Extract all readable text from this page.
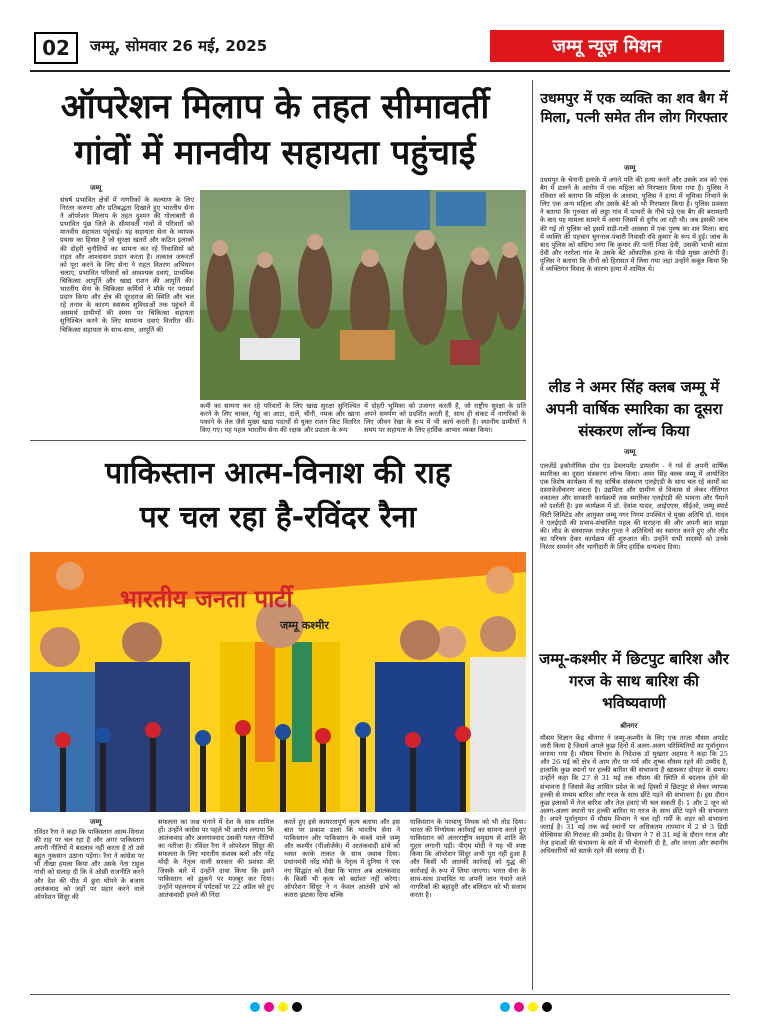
02	जम्मू, सोमवार 26 मई, 2025	जम्मू न्यूज़ मिशन
ऑपरेशन मिलाप के तहत सीमावर्ती
गांवों में मानवीय सहायता पहुंचाई
जम्मू
संघर्ष प्रभावित क्षेत्रों में नागरिकों के कल्याण के लिए निरंतर करुणा और प्रतिबद्धता दिखाते हुए भारतीय सेना ने ऑपरेशन मिलाप के तहत दुश्मन की गोलाबारी से प्रभावित पुंछ जिले के सीमावर्ती गांवों में परिवारों को मानवीय सहायता पहुंचाई। यह सहायता सेना के व्यापक प्रयास का हिस्सा है जो सुरक्षा खतरों और कठिन इलाकों की दोहरी चुनौतियों का सामना कर रहे निवासियों को राहत और आश्वासन प्रदान करता है। तत्काल जरूरतों को पूरा करने के लिए सेना ने राहत वितरण अभियान चलाए, प्रभावित परिवारों को आवश्यक दवाएं, प्राथमिक चिकित्सा आपूर्ति और खाद्य राशन की आपूर्ति की। भारतीय सेना के चिकित्सा कर्मियों ने मौके पर परामर्श प्रदान किया और क्षेत्र की दूरदराज की स्थिति और चल रहे तनाव के कारण स्वास्थ्य सुविधाओं तक पहुंचने में असमर्थ ग्रामीणों की समय पर चिकित्सा सहायता सुनिश्चित करने के लिए सामान्य दवाएं वितरित कीं। चिकित्सा सहायता के साथ-साथ, आपूर्ति की
कमी का सामना कर रहे परिवारों के लिए खाद्य सुरक्षा सुनिश्चित करने के लिए चावल, गेहूं का आटा, दालें, चीनी, नमक और खाना पकाने के तेल जैसे मुख्य खाद्य पदार्थों से युक्त राशन किट वितरित किए गए। यह पहल भारतीय सेना की रक्षक और प्रदाता के रूप
में दोहरी भूमिका को उजागर करती है, जो राष्ट्रीय सुरक्षा के प्रति अपने समर्पण को प्रदर्शित करती है, साथ ही संकट में नागरिकों के लिए जीवन रेखा के रूप में भी कार्य करती है। स्थानीय ग्रामीणों ने समय पर सहायता के लिए हार्दिक आभार व्यक्त किया।
पाकिस्तान आत्म-विनाश की राह
पर चल रहा है-रविंदर रैना
भारतीय जनता पार्टी
जम्मू कश्मीर
जम्मू
रविंदर रैना ने कहा कि पाकिस्तान आत्म-विनाश की राह पर चल रहा है और अगर पाकिस्तान अपनी नीतियों में बदलाव नहीं करता है तो उसे बहुत नुकसान उठाना पड़ेगा। रैना ने कांग्रेस पर भी तीखा हमला किया और उसके नेता राहुल गांधी को सलाह दी कि वे ओछी राजनीति करने और देश की पीठ में छुरा घोंपने के बजाय आतंकवाद को जड़ों पर प्रहार करने वाले ऑपरेशन सिंदूर की
सफलता का जश्न मनाने में देश के साथ शामिल हों। उन्होंने कांग्रेस पर पहले भी आरोप लगाया कि आतंकवाद और अलगाववाद उसकी गलत नीतियों का नतीजा है। रविंदर रैना ने ऑपरेशन सिंदूर की सफलता के लिए भारतीय सशस्त्र बलों और नरेंद्र मोदी के नेतृत्व वाली सरकार की प्रशंसा की जिसके बारे में उन्होंने दावा किया कि इसने पाकिस्तान को झुकने पर मजबूर कर दिया। उन्होंने पहलगाम में पर्यटकों पर 22 अप्रैल को हुए आतंकवादी हमले की निंदा
करते हुए इसे कायरतापूर्ण कृत्य बताया और इस बात पर प्रकाश डाला कि भारतीय सेना ने पाकिस्तान और पाकिस्तान के कब्जे वाले जम्मू और कश्मीर (पीओजेके) में आतंकवादी ढांचे को ध्वस्त करके ताकत के साथ जवाब दिया। प्रधानमंत्री नरेंद्र मोदी के नेतृत्व में दुनिया ने एक नए सिद्धांत को देखा कि भारत अब आतंकवाद के किसी भी कृत्य को बर्दाश्त नहीं करेगा। ऑपरेशन सिंदूर ने न केवल आतंकी ढांचे को करारा झटका दिया बल्कि
पाकिस्तान के परमाणु मिथक को भी तोड़ दिया। भारत की निर्णायक कार्रवाई का सामना करते हुए पाकिस्तान को अंतरराष्ट्रीय समुदाय से शांति की गुहार लगानी पड़ी। पीएम मोदी ने यह भी स्पष्ट किया कि ऑपरेशन सिंदूर अभी पूरा नहीं हुआ है और किसी भी आतंकी कार्रवाई को युद्ध की कार्रवाई के रूप में लिया जाएगा। भारत सेना के साथ-साथ प्रभावित या अपनी जान गंवाने वाले नागरिकों की बहादुरी और बलिदान को भी सलाम करता है।
उधमपुर में एक व्यक्ति का शव बैग में मिला, पत्नी समेत तीन लोग गिरफ्तार
जम्मू
उधमपुर के चेनानी इलाके में अपने पति की हत्या करने और उसके शव को एक बैग में डालने के आरोप में एक महिला को गिरफ्तार किया गया है। पुलिस ने रविवार को बताया कि महिला के अलावा, पुलिस ने हत्या में भूमिका निभाने के लिए एक अन्य महिला और उसके बेटे को भी गिरफ्तार किया है। पुलिस प्रवक्ता ने बताया कि गुरुवार को लड्डा गांव में पत्थरों के नीचे पड़े एक बैग की बरामदगी के बाद यह मामला सामने में आया जिसमें से दुर्गंध आ रही थी। जब इसकी जांच की गई तो पुलिस को इसमें सड़ी-गली अवस्था में एक पुरुष का शव मिला। बाद में व्यक्ति की पहचान चुननाल-पंचारी निवासी रवि कुमार के रूप में हुई। जांच के बाद पुलिस को संदिग्ध लगा कि कुमार की पत्नी निशा देवी, उसकी भाभी कांता देवी और नरगेला गांव के उसके बेटे ओंकारिक हत्या के पीछे मुख्य आरोपी हैं। पुलिस ने बताया कि तीनों को हिरासत में लिया गया जहां उन्होंने कबूल किया कि वे व्यक्तिगत विवाद के कारण हत्या में शामिल थे।
लीड ने अमर सिंह क्लब जम्मू में अपनी वार्षिक स्मारिका का दूसरा संस्करण लॉन्च किया
जम्मू
एलजेंडे इकोनॉमिक ग्रोथ एंड डेवलपमेंट डायलॉग - ने गर्व से अपनी वार्षिक स्मारिका का दूसरा संस्करण लॉन्च किया। अमर सिंह क्लब जम्मू में आयोजित एक विशेष कार्यक्रम में यह वार्षिक संस्करण एलईएडी के साथ चल रहे कार्यों का दस्तावेजीकरण करता है। उद्यमिता और ग्रामीण से विकास से लेकर नीतिगत वकालत और सरकारी कार्यक्रमों तक स्मारिका एलईएडी की भावना और पैमाने को दर्शाती है। इस कार्यक्रम में डॉ. देवांश यादव, आईएएस, सीईओ, जम्मू स्मार्ट सिटी लिमिटेड और आयुक्त जम्मू नगर निगम उपस्थित थे मुख्य अतिथि डॉ. यादव ने एलईएडी की प्रभाव-संचालित पहल की सराहना की और अपनी बात साझा की। लीड के संस्थापक राजेश गुप्ता ने अतिथियों का स्वागत करते हुए और लीड का परिचय देकर कार्यक्रम की शुरुआत की। उन्होंने सभी सदस्यों को उनके निरंतर समर्थन और भागीदारी के लिए हार्दिक धन्यवाद दिया।
जम्मू-कश्मीर में छिटपुट बारिश और गरज के साथ बारिश की भविष्यवाणी
श्रीनगर
मौसम विज्ञान केंद्र श्रीनगर ने जम्मू-कश्मीर के लिए एक ताज़ा मौसम अपडेट जारी किया है जिसमें अगले कुछ दिनों में अलग-अलग परिस्थितियों का पूर्वानुमान लगाया गया है। मौसम विभाग के निदेशक डॉ मुख्तार अहमद ने कहा कि 25 और 26 मई को क्षेत्र में आम तौर पर गर्म और शुष्क मौसम रहने की उम्मीद है, हालांकि कुछ स्थानों पर हल्की बारिश की संभावना है खासकर दोपहर के समय। उन्होंने कहा कि 27 से 31 मई तक मौसम की स्थिति में बदलाव होने की संभावना है जिससे केंद्र शासित प्रदेश के कई हिस्सों में छिटपुट से लेकर व्यापक हल्की से मध्यम बारिश और गरज के साथ छींटे पड़ने की संभावना है। इस दौरान कुछ इलाकों में तेज बारिश और तेज़ हवाएं भी चल सकती हैं। 1 और 2 जून को अलग-अलग स्थानों पर हल्की बारिश या गरज के साथ छींटे पड़ने की संभावना है। अपने पूर्वानुमान में मौसम विभाग ने चल रही गर्मी के शहर को संभावना जताई है। 31 मई तक कई स्थानों पर अधिकतम तापमान में 2 से 3 डिग्री सेल्सियस की गिरावट की उम्मीद है। विभाग ने 7 से 31 मई के दौरान गरज और तेज़ हवाओं की संभावना के बारे में भी चेतावनी दी है, और जनता और स्थानीय अधिकारियों को सतर्क रहने की सलाह दी है।
